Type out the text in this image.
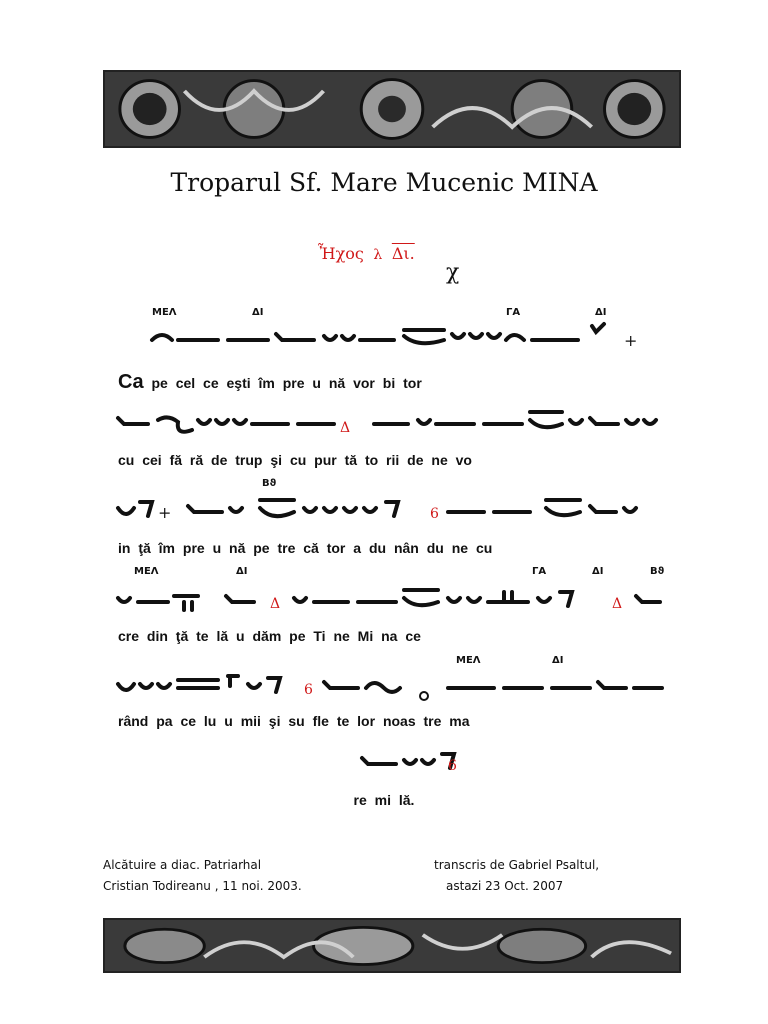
Troparul Sf. Mare Mucenic MINA
Ἦχος  λ  Δι.
χ
ΜΕΛ	ΔΙ	ΓΑ	ΔΙ
+
Ca pe cel ce eşti îm pre u nă vor bi tor
Δ
cu cei fă ră de trup şi cu pur tă to rii de ne vo
Βϑ
+	6
in ţă îm pre u nă pe tre că tor a du nân du ne cu
ΜΕΛ	ΔΙ	ΓΑ	ΔΙ	Βϑ
Δ	Δ
cre din ţă te lă u dăm pe Ti ne Mi na ce
ΜΕΛ	ΔΙ
6
rând pa ce lu u mii şi su fle te lor noas tre ma
6
re mi lă.
Alcătuire a diac. Patriarhal
Cristian Todireanu , 11 noi. 2003.
transcris de Gabriel Psaltul,
astazi 23 Oct. 2007
